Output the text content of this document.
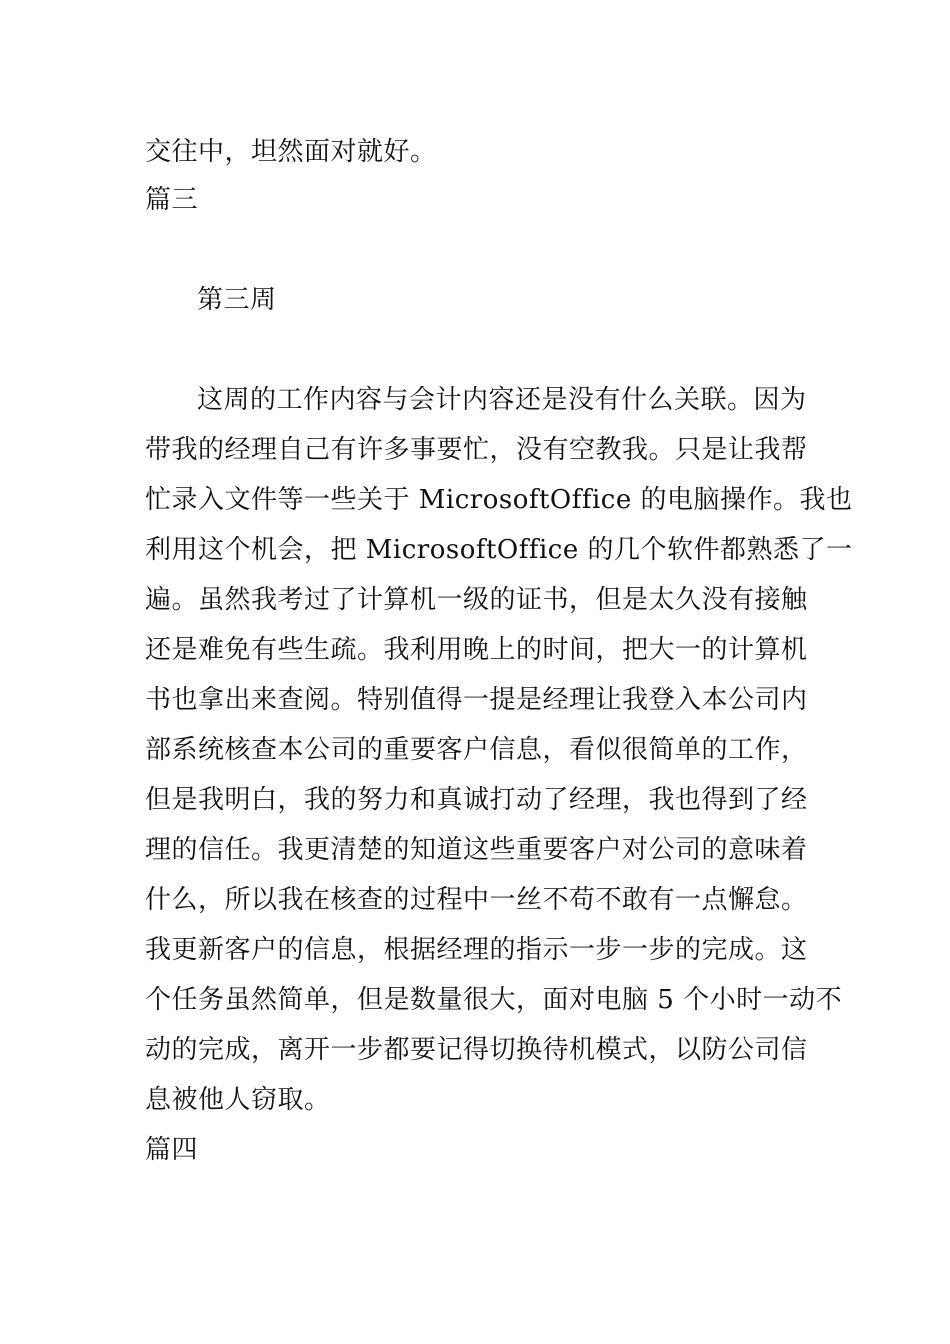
交往中，坦然面对就好。
篇三
第三周
这周的工作内容与会计内容还是没有什么关联。因为
带我的经理自己有许多事要忙，没有空教我。只是让我帮
忙录入文件等一些关于 MicrosoftOffice 的电脑操作。我也
利用这个机会，把 MicrosoftOffice 的几个软件都熟悉了一
遍。虽然我考过了计算机一级的证书，但是太久没有接触
还是难免有些生疏。我利用晚上的时间，把大一的计算机
书也拿出来查阅。特别值得一提是经理让我登入本公司内
部系统核查本公司的重要客户信息，看似很简单的工作，
但是我明白，我的努力和真诚打动了经理，我也得到了经
理的信任。我更清楚的知道这些重要客户对公司的意味着
什么，所以我在核查的过程中一丝不苟不敢有一点懈怠。
我更新客户的信息，根据经理的指示一步一步的完成。这
个任务虽然简单，但是数量很大，面对电脑 5 个小时一动不
动的完成，离开一步都要记得切换待机模式，以防公司信
息被他人窃取。
篇四
